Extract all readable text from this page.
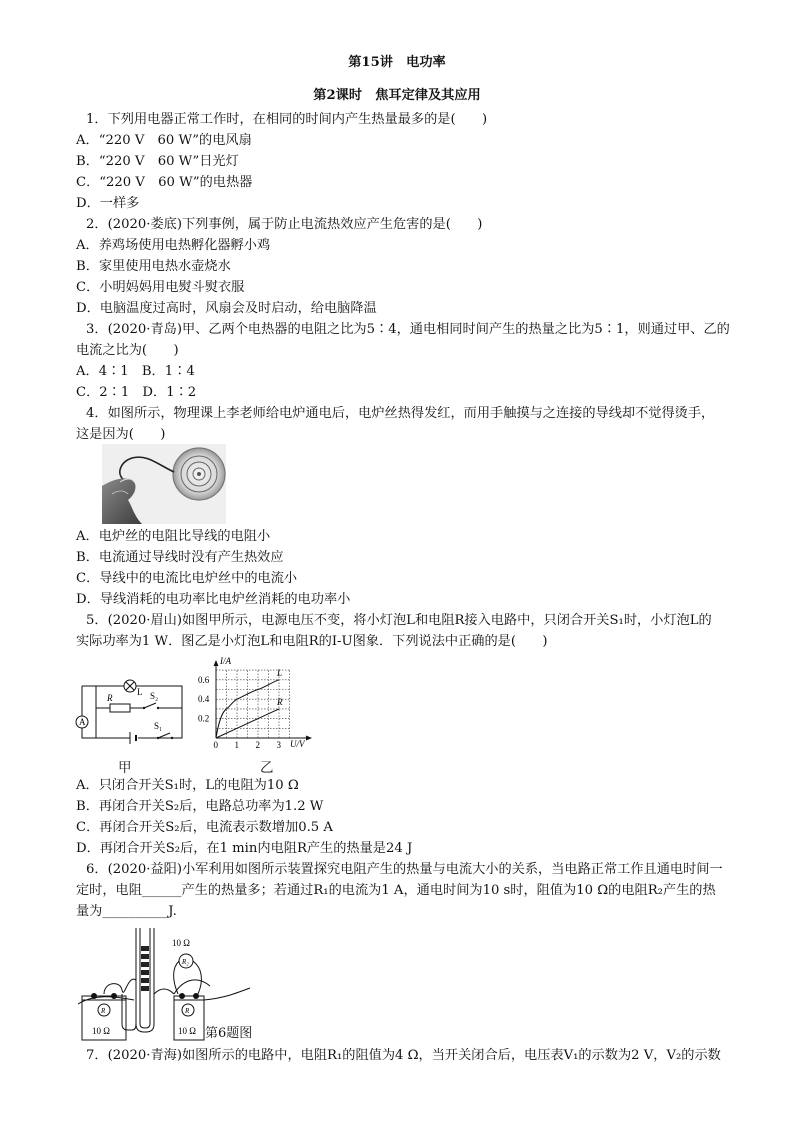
第15讲　电功率
第2课时　焦耳定律及其应用
1．下列用电器正常工作时，在相同的时间内产生热量最多的是(　　)
A．“220 V　60 W”的电风扇
B．“220 V　60 W”日光灯
C．“220 V　60 W”的电热器
D．一样多
2．(2020·娄底)下列事例，属于防止电流热效应产生危害的是(　　)
A．养鸡场使用电热孵化器孵小鸡
B．家里使用电热水壶烧水
C．小明妈妈用电熨斗熨衣服
D．电脑温度过高时，风扇会及时启动，给电脑降温
3．(2020·青岛)甲、乙两个电热器的电阻之比为5∶4，通电相同时间产生的热量之比为5∶1，则通过甲、乙的
电流之比为(　　)
A．4∶1　B．1∶4
C．2∶1　D．1∶2
4．如图所示，物理课上李老师给电炉通电后，电炉丝热得发红，而用手触摸与之连接的导线却不觉得烫手，
这是因为(　　)
A．电炉丝的电阻比导线的电阻小
B．电流通过导线时没有产生热效应
C．导线中的电流比电炉丝中的电流小
D．导线消耗的电功率比电炉丝消耗的电功率小
5．(2020·眉山)如图甲所示，电源电压不变，将小灯泡L和电阻R接入电路中，只闭合开关S₁时，小灯泡L的
实际功率为1 W．图乙是小灯泡L和电阻R的I-U图象．下列说法中正确的是(　　)
A
L
R	S₂
S₁
0 1 2 3
0.2
0.4
0.6
L
R
I/A
U/V
甲	乙
A．只闭合开关S₁时，L的电阻为10 Ω
B．再闭合开关S₂后，电路总功率为1.2 W
C．再闭合开关S₂后，电流表示数增加0.5 A
D．再闭合开关S₂后，在1 min内电阻R产生的热量是24 J
6．(2020·益阳)小军利用如图所示装置探究电阻产生的热量与电流大小的关系，当电路正常工作且通电时间一
定时，电阻______产生的热量多；若通过R₁的电流为1 A，通电时间为10 s时，阻值为10 Ω的电阻R₂产生的热
量为__________J.
R
10 Ω
R
10 Ω
R₂
10 Ω
第6题图
7．(2020·青海)如图所示的电路中，电阻R₁的阻值为4 Ω，当开关闭合后，电压表V₁的示数为2 V，V₂的示数
